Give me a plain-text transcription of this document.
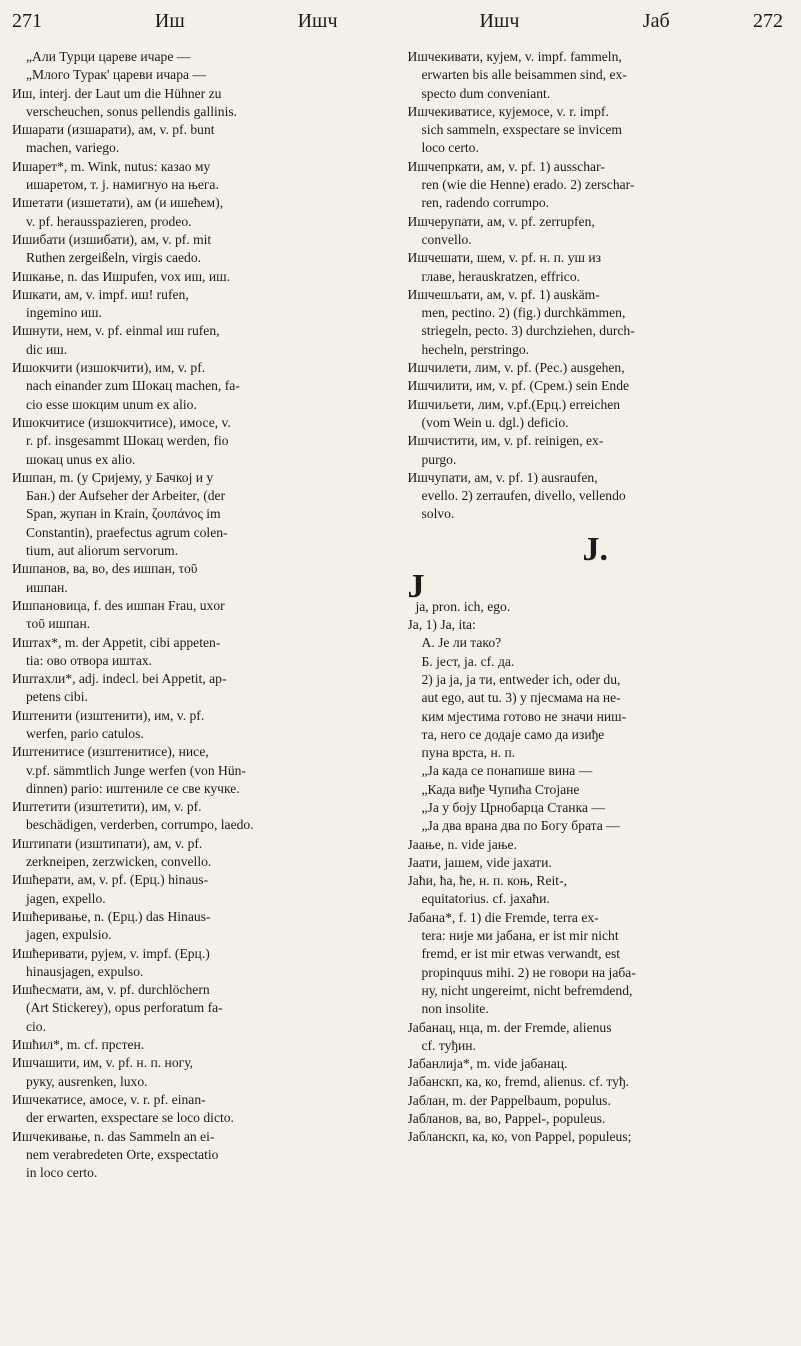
271	Иш	Ишч	Ишч	Јаб	272
„Али Турци цареве ичаре —
„Млого Турак' цареви ичара —
Иш, interj. der Laut um die Hühner zu
verscheuchen, sonus pellendis gallinis.
Ишарати (изшарати), ам, v. pf. bunt
machen, variego.
Ишарет*, m. Wink, nutus: казао му
ишаретом, т. ј. намигнуо на њега.
Ишетати (изшетати), ам (и ишећем),
v. pf. herausspazieren, prodeo.
Ишибати (изшибати), ам, v. pf. mit
Ruthen zergeißeln, virgis caedo.
Ишкање, n. das Ишрufen, vox иш, иш.
Ишкати, ам, v. impf. иш! rufen,
ingemino иш.
Ишнути, нем, v. pf. einmal иш rufen,
dic иш.
Ишокчити (изшокчити), им, v. pf.
nach einander zum Шокац machen, fa-
cio esse шокцим unum ex alio.
Ишокчитисе (изшокчитисе), имосе, v.
r. pf. insgesammt Шокац werden, fio
шокац unus ex alio.
Ишпан, m. (у Сријему, у Бачкој и у
Бан.) der Aufseher der Arbeiter, (der
Span, жупан in Krain, ζουπάνος im
Constantin), praefectus agrum colen-
tium, aut aliorum servorum.
Ишпанов, ва, во, des ишпан, τοῦ
ишпан.
Ишпановица, f. des ишпан Frau, uxor
τοῦ ишпан.
Иштах*, m. der Appetit, cibi appeten-
tia: ово отвора иштах.
Иштахли*, adj. indecl. bei Appetit, ap-
petens cibi.
Иштенити (изштенити), им, v. pf.
werfen, pario catulos.
Иштенитисе (изштенитисе), нисе,
v.pf. sämmtlich Junge werfen (von Hün-
dinnen) pario: иштениле се све кучке.
Иштетити (изштетити), им, v. pf.
beschädigen, verderben, corrumpo, laedo.
Иштипати (изштипати), ам, v. pf.
zerkneipen, zerzwicken, convello.
Ишћерати, ам, v. pf. (Ерц.) hinaus-
jagen, expello.
Ишћеривање, n. (Ерц.) das Hinaus-
jagen, expulsio.
Ишћеривати, рујем, v. impf. (Ерц.)
hinausjagen, expulso.
Ишћесмати, ам, v. pf. durchlöchern
(Art Stickerey), opus perforatum fa-
cio.
Ишћил*, m. cf. прстен.
Ишчашити, им, v. pf. н. п. ногу,
руку, ausrenken, luxo.
Ишчекатисе, амосе, v. r. pf. einan-
der erwarten, exspectare se loco dicto.
Ишчекивање, n. das Sammeln an ei-
nem verabredeten Orte, exspectatio
in loco certo.
Ишчекивати, кујем, v. impf. fammeln,
erwarten bis alle beisammen sind, ex-
specto dum conveniant.
Ишчекиватисе, кујемосе, v. r. impf.
sich sammeln, exspectare se invicem
loco certo.
Ишчепркати, ам, v. pf. 1) ausschar-
ren (wie die Henne) erado. 2) zerschar-
ren, radendo corrumpo.
Ишчерупати, ам, v. pf. zerrupfen,
convello.
Ишчешати, шем, v. pf. н. п. уш из
главе, herauskratzen, effrico.
Ишчешљати, ам, v. pf. 1) auskäm-
men, pectino. 2) (fig.) durchkämmen,
striegeln, pecto. 3) durchziehen, durch-
hecheln, perstringo.
Ишчилети, лим, v. pf. (Рес.) ausgehen,
Ишчилити, им, v. pf. (Срем.) sein Ende
Ишчиљети, лим, v.pf.(Ерц.) erreichen
(vom Wein u. dgl.) deficio.
Ишчистити, им, v. pf. reinigen, ex-
purgo.
Ишчупати, ам, v. pf. 1) ausraufen,
evello. 2) zerraufen, divello, vellendo
solvo.
J.
J
ја, pron. ich, ego.
Ја, 1) Ja, ita:
А. Је ли тако?
Б. јест, ја. cf. да.
2) ја ја, ја ти, entweder ich, oder du,
aut ego, aut tu. 3) у пјесмама на не-
ким мјестима готово не значи ниш-
та, него се додаје само да изиђе
пуна врста, н. п.
„Ја када се понапише вина —
„Када виђе Чупића Стојане
„Ја у боју Црнобарца Станка —
„Ја два врана два по Богу брата —
Јаање, n. vide јање.
Јаати, јашем, vide јахати.
Јаћи, ћа, ће, н. п. коњ, Reit-,
equitatorius. cf. јахаћи.
Јабана*, f. 1) die Fremde, terra ex-
tera: није ми јабана, er ist mir nicht
fremd, er ist mir etwas verwandt, est
propinquus mihi. 2) не говори на јаба-
ну, nicht ungereimt, nicht befremdend,
non insolite.
Јабанац, нца, m. der Fremde, alienus
cf. туђин.
Јабанлија*, m. vide јабанац.
Јабанскп, ка, ко, fremd, alienus. cf. туђ.
Јаблан, m. der Pappelbaum, populus.
Јабланов, ва, во, Pappel-, populeus.
Јабланскп, ка, ко, von Pappel, populeus;
